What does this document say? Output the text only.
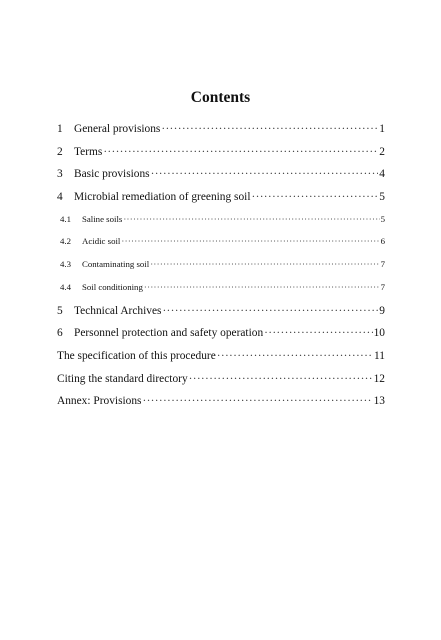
Contents
1 General provisions ·····	1
2 Terms ·····	2
3 Basic provisions ·····	4
4 Microbial remediation of greening soil ·····	5
4.1	Saline soils ·····	5
4.2	Acidic soil ·····	6
4.3	Contaminating soil ·····	7
4.4	Soil conditioning ·····	7
5 Technical Archives ·····	9
6 Personnel protection and safety operation ·····	10
The specification of this procedure ·····	11
Citing the standard directory ·····	12
Annex: Provisions ·····	13
